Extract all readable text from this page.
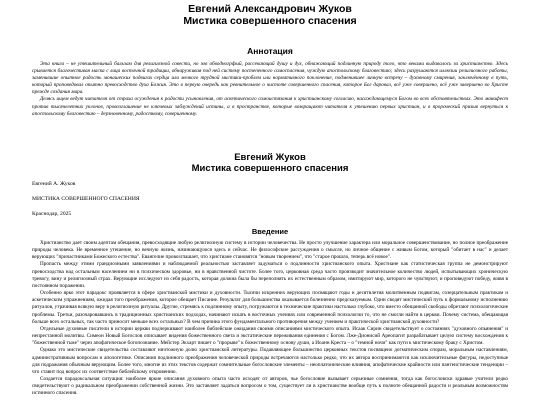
Евгений Александрович Жуков
Мистика совершенного спасения
Аннотация

Эта книга – не утешительный бальзам для религиозной совести, но зов обводногрфый, рассекающий душу и дух, обнажающий подлинную природу того, что веками выдавалось за христианство. Здесь срывается благочестивая маска с лица восточной традиции, обнаруживая под ней систему постепенного самоспасения, чуждую апостольскому благовестию; здесь разрушаются иллюзии религиозного работы, заменившие опытное радость монашеских подвигах сердца или мелкого трудной мистики-проблем или нормативного поклонение, подменившее личную встречу – духовному смирения, заключённому в путь, который проповедовал опытно превосходство духа Божия. Это в первую очередь как ревнительное о чистоте совершенного спасения, которое Бог даровал, всё уже совершено, всё уже завершено во Христе прежде создания мира.

Делясь ищем ведут читателя от страха осуждения к радости усыновления, от аскетического самоистязания к христианскому согласию, насаждающемуся Богом во всех обстоятельствах. Это манифест против тысячелетних уклонов, провозглашение не ключевых заблуждений истины, а в пространстве, которые возвращают читателя к утешению первых христиан, и в пророческий призыв вернуться к апостольскому благовестию – дерзновенному, радостному, совершенному.

Евгений Жуков
Мистика совершенного спасения
Евгений А. Жуков
МИСТИКА СОВЕРШЕННОГО СПАСЕНИЯ
Краснодар, 2025
Введение

Христианство дает своим адептам обещания, превосходящие любую религиозную систему в истории человечества. Не просто улучшение характера или моральное совершенствование, но полное преображение природы человека. Не временное утешение, но вечную жизнь, начинающуюся здесь и сейчас. Не философские рассуждения о смысле, но личное общение с живым Богом, который "обитает в нас" и делает верующих "причастниками Божеского естества". Евангелие провозглашает, что христиане становятся "новым творением", что "старое прошло, теперь всё новое".

Пропасть между этими грандиозными заявлениями и наблюдаемой реальностью заставляет задуматься о подлинности христианского опыта. Христиане как статистическая группа не демонстрируют превосходства над остальным населением ни в психическом здоровье, ни в нравственной чистоте. Более того, церковная среда часто производит значительное количество людей, испытывающих хроническую тревогу, вину и религиозный страх. Верующие исследуют из себя радость, которая должна была бы переполнять их естественным образом, имитируют мир, которого не чувствуют, и проповедуют победу, живя в постоянном поражении.

Особенно ярко этот парадокс проявляется в сфере христианской мистики и духовности. Тысячи искренних верующих посвящают годы и десятилетия молитвенным подвигам, созерцательным практикам и аскетическим упражнениям, ожидая того преображения, которое обещает Писание. Результат для большинства оказывается болезненно предсказуемым. Одни сводят мистический путь к формальному исполнению ритуалов, утрачивая всякую веру в религиозную ритуалы. Другие, стремясь к подлинному опыту, погружаются в технические практики настолько глубоко, что вместо обещанной свободы обретают психологические проблемы. Третьи, разочаровавшись в традиционных христианских подходах, начинают искать в восточных учениях или современной психологии то, что не смогли найти в церкви. Почему система, обещающая больше всех остальных, так часто приносит меньше всех остальных? В чем причина этого фундаментального противоречия между учением и практической христианской духовности?

Отдельные духовные писатели в истории церкви подчеркивают наиболее библейские ожидания своими описаниями мистического опыта. Исаак Сирин свидетельствует о состояниях "духовного опьянения" и непрестанной молитвы. Симеон Новый Богослов описывает видения божественного света и экстатические переживания единения с Богом. Лже-Дионисий Ареопагит разрабатывает целую систему восхождения к "божественной тьме" через апофатическое богопознание. Мейстер Экхарт пишет о "прорыве" к божественному основу души, а Иоанн Креста – о "темной ночи" как пути к мистическому браку с Христом.

Однако это мистические свидетельства составляют ничтожную долю христианской литературы. Подавляющее большинство церковных текстов посвящено догматическим спорам, моральным наставлениям, административным вопросам и апологетике. Описания подлинного преображения человеческой природы встречаются настолько редко, что их автора воспринимаются как исключительные фигуры, недоступные для подражания обычным верующим. Более того, многие из этих текстов содержат сомнительные богословские элементы – неоплатонические влияния, апофатические крайности или пантеистические тенденции – что ставит под вопрос их соответствие библейскому откровению.

Создается парадоксальная ситуация: наиболее яркие описания духовного опыта часто исходят от авторов, чье богословие вызывает серьезные сомнения, тогда как богословски здравые учители редко свидетельствуют о радикальном преображении собственной жизни. Это заставляет задаться вопросом о том, существует ли в христианстве вообще путь к полноте обещанной радости и реальным возможностям истинного спасения.
